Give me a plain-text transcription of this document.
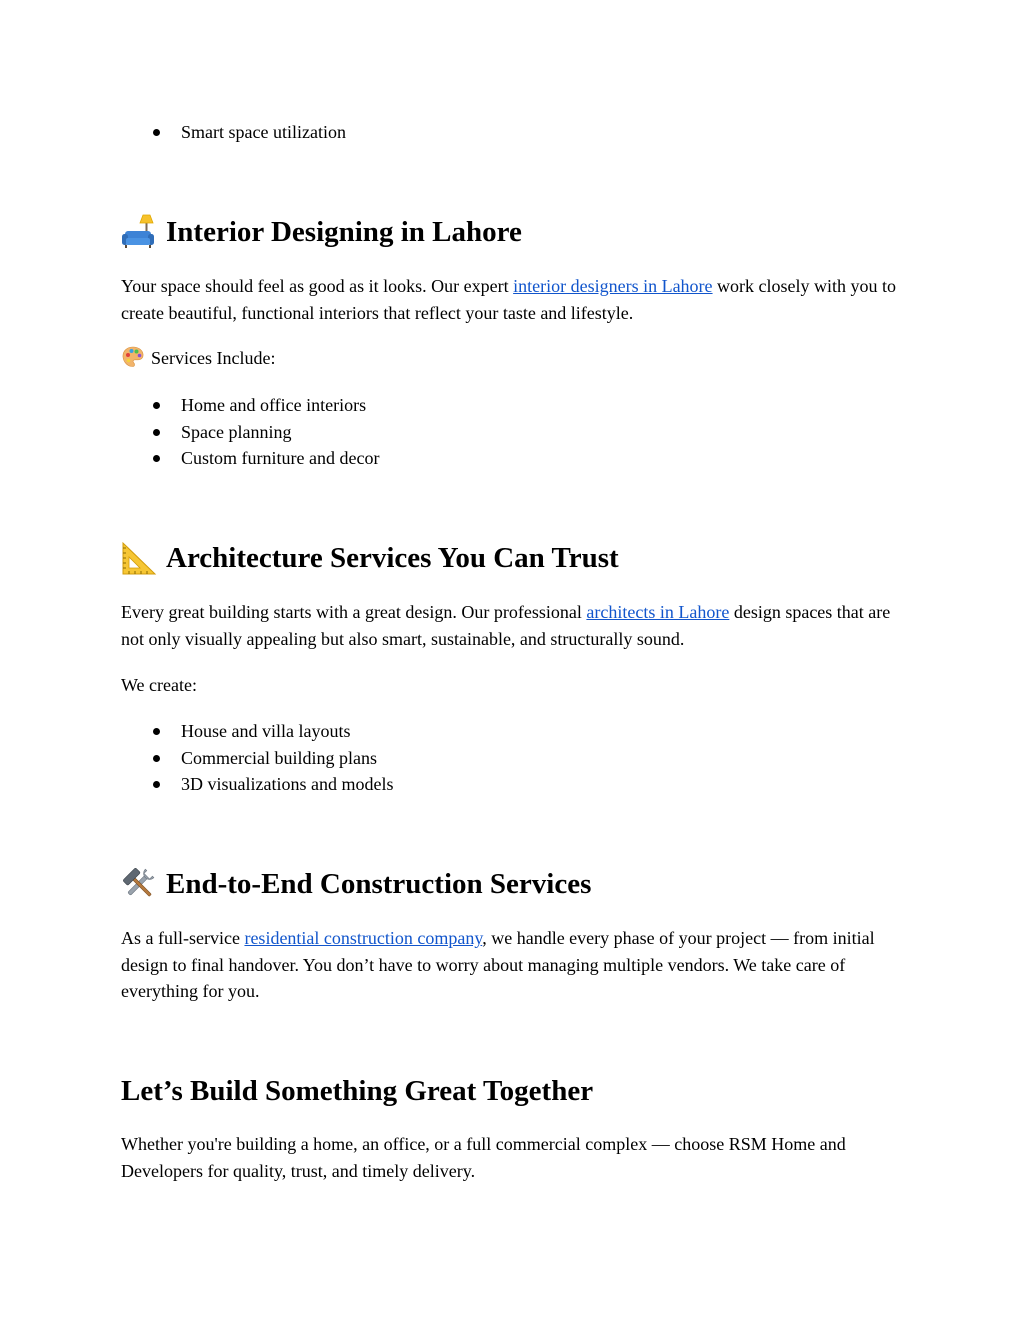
Smart space utilization
Interior Designing in Lahore

Your space should feel as good as it looks. Our expert interior designers in Lahore work closely with you to create beautiful, functional interiors that reflect your taste and lifestyle.

Services Include:

Home and office interiors
Space planning
Custom furniture and decor
Architecture Services You Can Trust

Every great building starts with a great design. Our professional architects in Lahore design spaces that are not only visually appealing but also smart, sustainable, and structurally sound.

We create:

House and villa layouts
Commercial building plans
3D visualizations and models
End-to-End Construction Services

As a full-service residential construction company, we handle every phase of your project — from initial design to final handover. You don’t have to worry about managing multiple vendors. We take care of everything for you.

Let’s Build Something Great Together

Whether you're building a home, an office, or a full commercial complex — choose RSM Home and Developers for quality, trust, and timely delivery.
